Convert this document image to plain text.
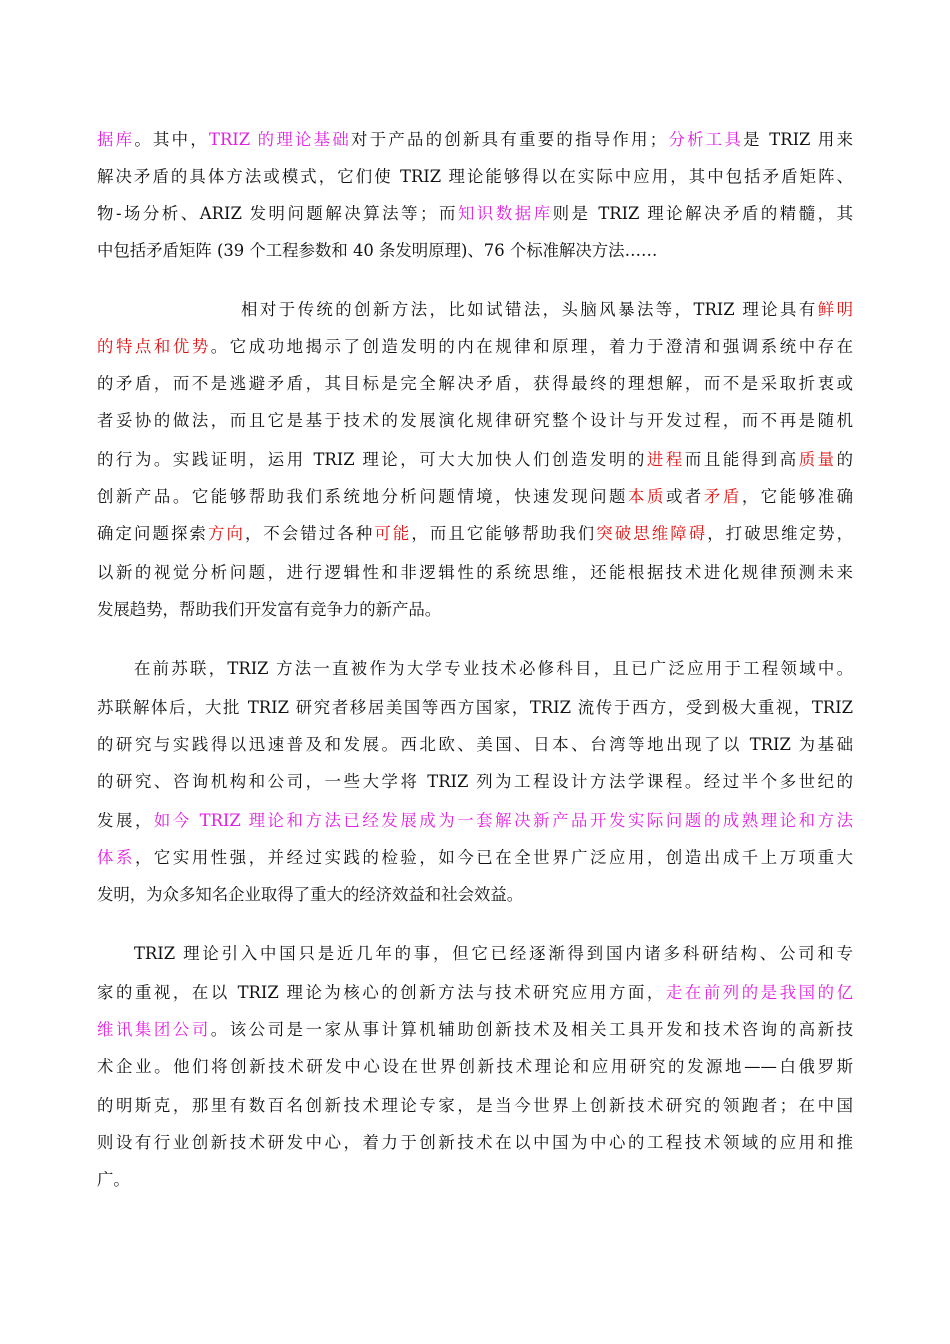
据库。其中，TRIZ 的理论基础对于产品的创新具有重要的指导作用；分析工具是 TRIZ 用来
解决矛盾的具体方法或模式，它们使 TRIZ 理论能够得以在实际中应用，其中包括矛盾矩阵、
物-场分析、ARIZ 发明问题解决算法等；而知识数据库则是 TRIZ 理论解决矛盾的精髓，其
中包括矛盾矩阵 (39 个工程参数和 40 条发明原理)、76 个标准解决方法……
相对于传统的创新方法，比如试错法，头脑风暴法等，TRIZ 理论具有鲜明
的特点和优势。它成功地揭示了创造发明的内在规律和原理，着力于澄清和强调系统中存在
的矛盾，而不是逃避矛盾，其目标是完全解决矛盾，获得最终的理想解，而不是采取折衷或
者妥协的做法，而且它是基于技术的发展演化规律研究整个设计与开发过程，而不再是随机
的行为。实践证明，运用 TRIZ 理论，可大大加快人们创造发明的进程而且能得到高质量的
创新产品。它能够帮助我们系统地分析问题情境，快速发现问题本质或者矛盾，它能够准确
确定问题探索方向，不会错过各种可能，而且它能够帮助我们突破思维障碍，打破思维定势，
以新的视觉分析问题，进行逻辑性和非逻辑性的系统思维，还能根据技术进化规律预测未来
发展趋势，帮助我们开发富有竞争力的新产品。
在前苏联，TRIZ 方法一直被作为大学专业技术必修科目，且已广泛应用于工程领域中。
苏联解体后，大批 TRIZ 研究者移居美国等西方国家，TRIZ 流传于西方，受到极大重视，TRIZ
的研究与实践得以迅速普及和发展。西北欧、美国、日本、台湾等地出现了以 TRIZ 为基础
的研究、咨询机构和公司，一些大学将 TRIZ 列为工程设计方法学课程。经过半个多世纪的
发展，如今 TRIZ 理论和方法已经发展成为一套解决新产品开发实际问题的成熟理论和方法
体系，它实用性强，并经过实践的检验，如今已在全世界广泛应用，创造出成千上万项重大
发明，为众多知名企业取得了重大的经济效益和社会效益。
TRIZ 理论引入中国只是近几年的事，但它已经逐渐得到国内诸多科研结构、公司和专
家的重视，在以 TRIZ 理论为核心的创新方法与技术研究应用方面，走在前列的是我国的亿
维讯集团公司。该公司是一家从事计算机辅助创新技术及相关工具开发和技术咨询的高新技
术企业。他们将创新技术研发中心设在世界创新技术理论和应用研究的发源地——白俄罗斯
的明斯克，那里有数百名创新技术理论专家，是当今世界上创新技术研究的领跑者；在中国
则设有行业创新技术研发中心，着力于创新技术在以中国为中心的工程技术领域的应用和推
广。
